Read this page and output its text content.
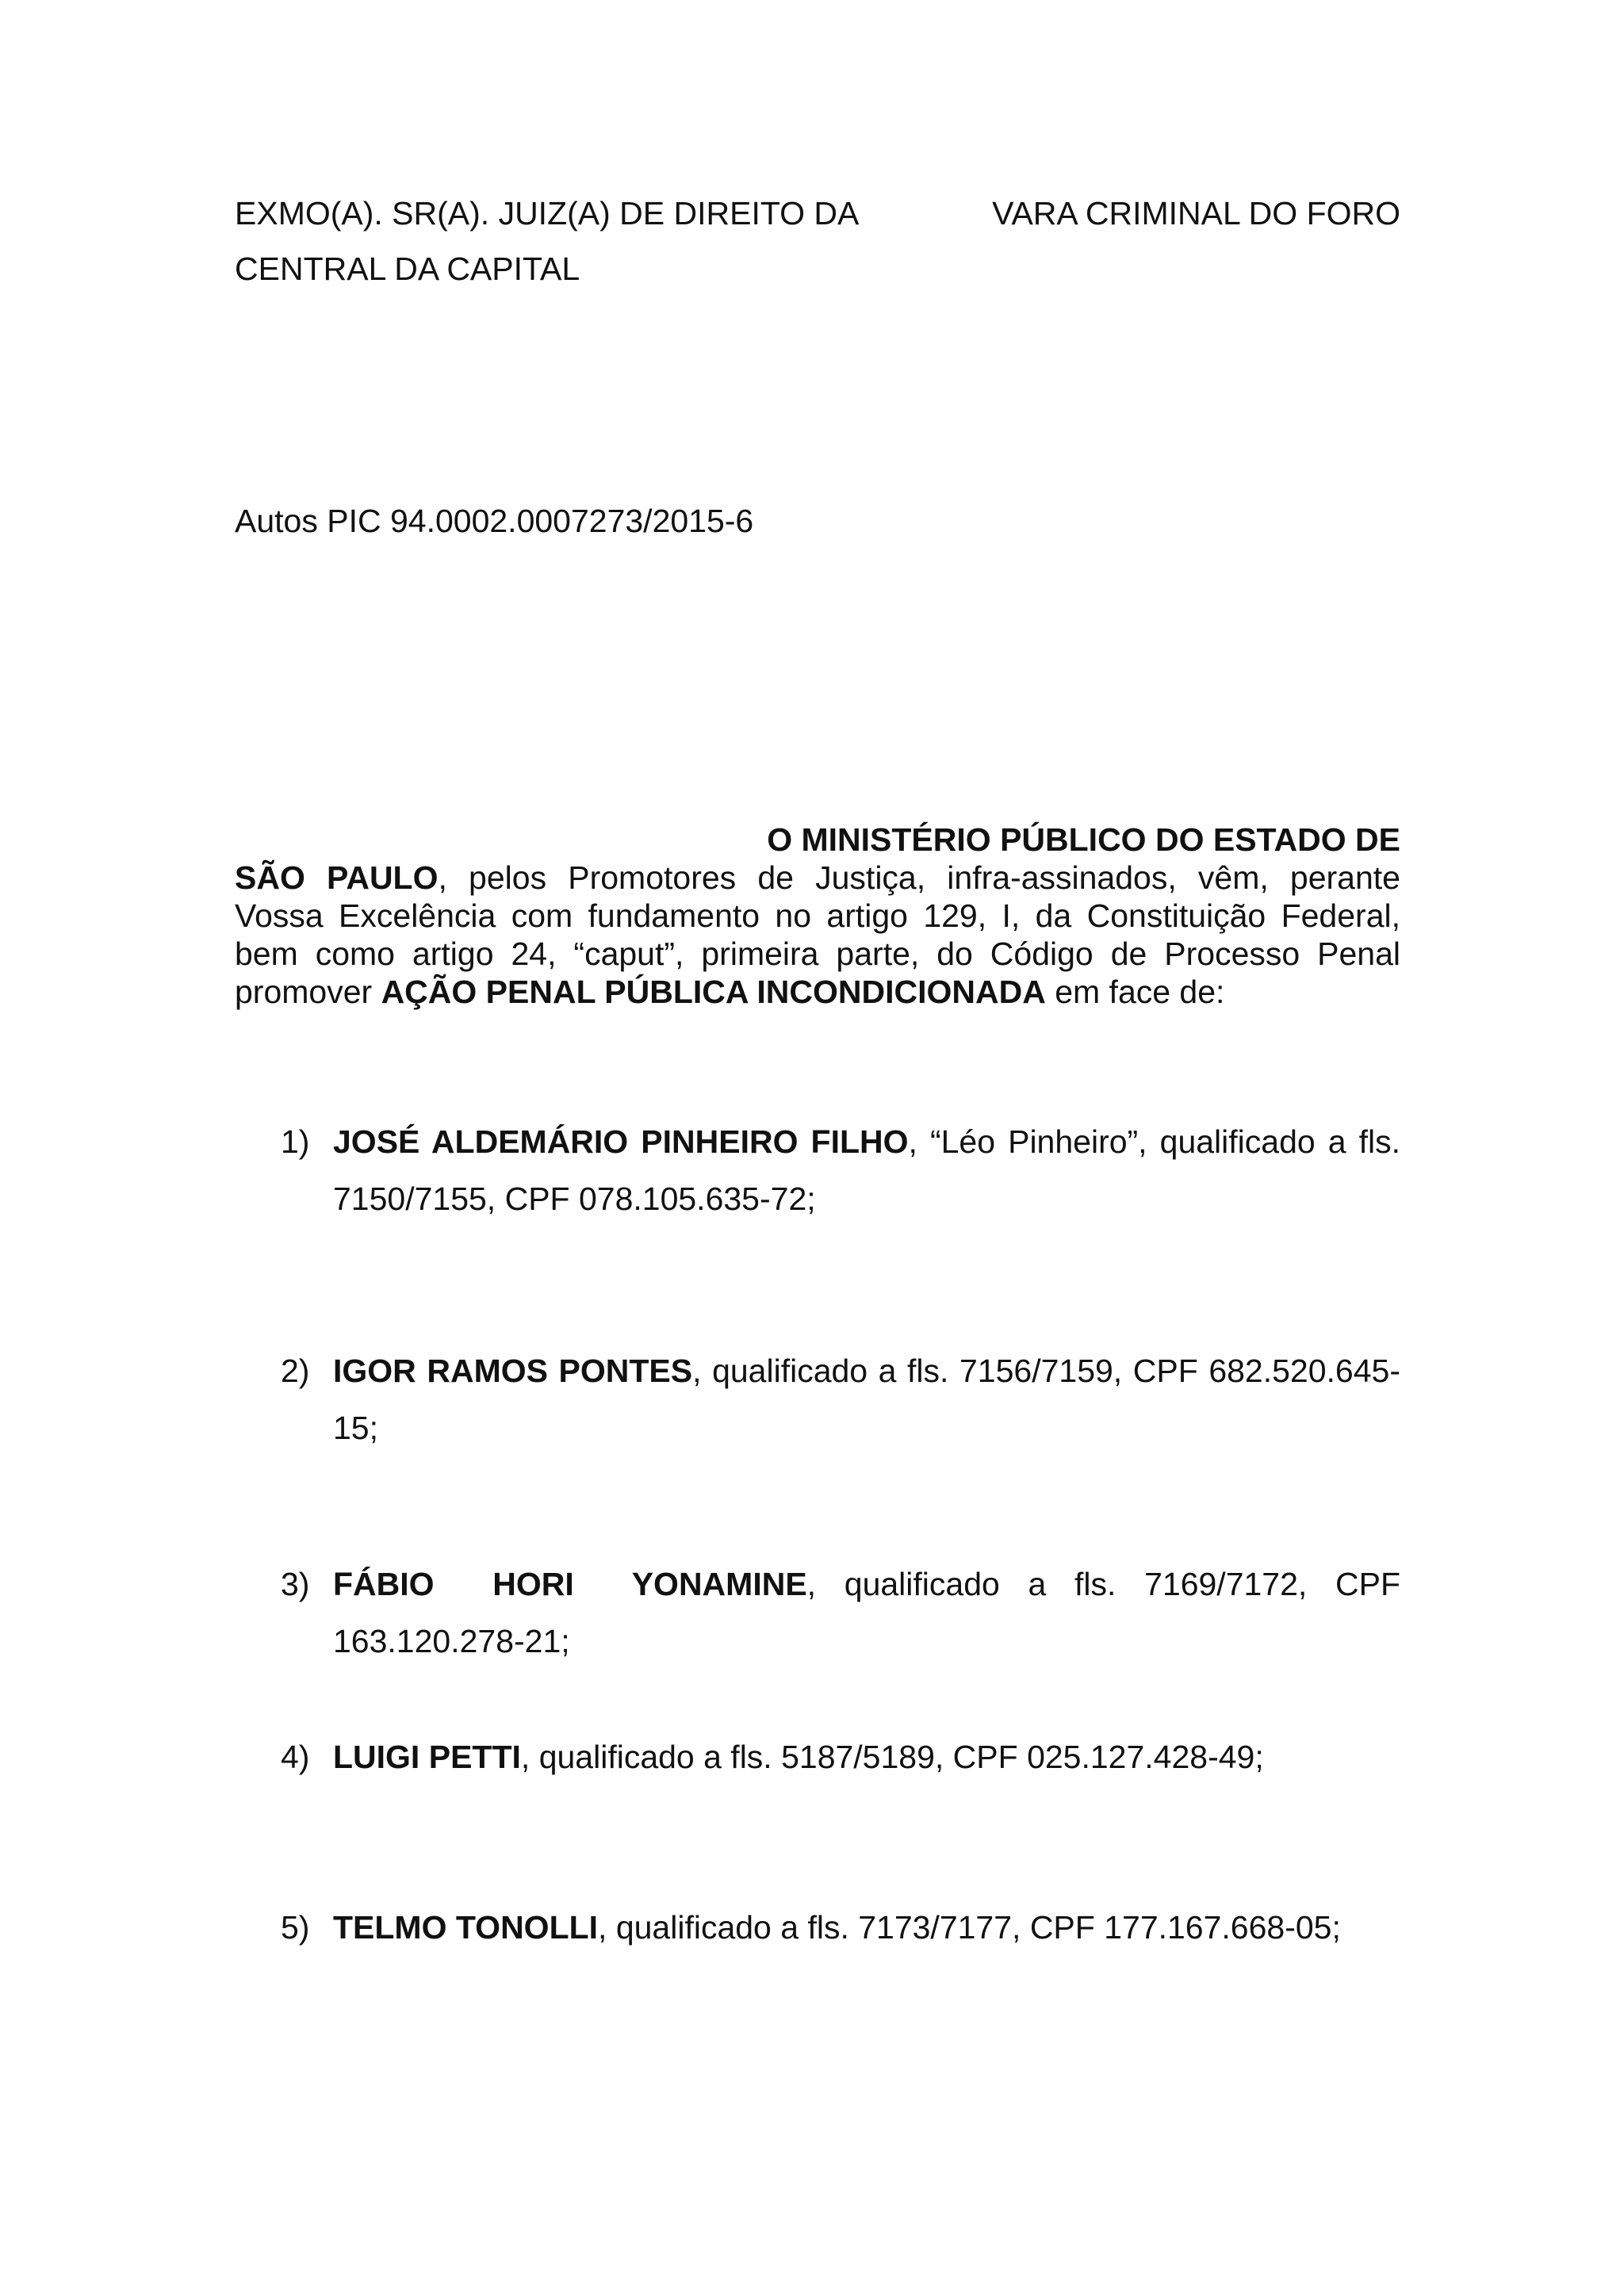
EXMO(A). SR(A). JUIZ(A) DE DIREITO DA	VARA CRIMINAL DO FORO
CENTRAL DA CAPITAL
Autos PIC 94.0002.0007273/2015-6
O MINISTÉRIO PÚBLICO DO ESTADO DE
SÃO PAULO, pelos Promotores de Justiça, infra-assinados, vêm, perante
Vossa Excelência com fundamento no artigo 129, I, da Constituição Federal,
bem como artigo 24, “caput”, primeira parte, do Código de Processo Penal
promover AÇÃO PENAL PÚBLICA INCONDICIONADA em face de:
1) JOSÉ ALDEMÁRIO PINHEIRO FILHO, “Léo Pinheiro”, qualificado a fls.
7150/7155, CPF 078.105.635-72;
2) IGOR RAMOS PONTES, qualificado a fls. 7156/7159, CPF 682.520.645-
15;
3) FÁBIO HORI YONAMINE, qualificado a fls. 7169/7172, CPF
163.120.278-21;
4) LUIGI PETTI, qualificado a fls. 5187/5189, CPF 025.127.428-49;
5) TELMO TONOLLI, qualificado a fls. 7173/7177, CPF 177.167.668-05;
